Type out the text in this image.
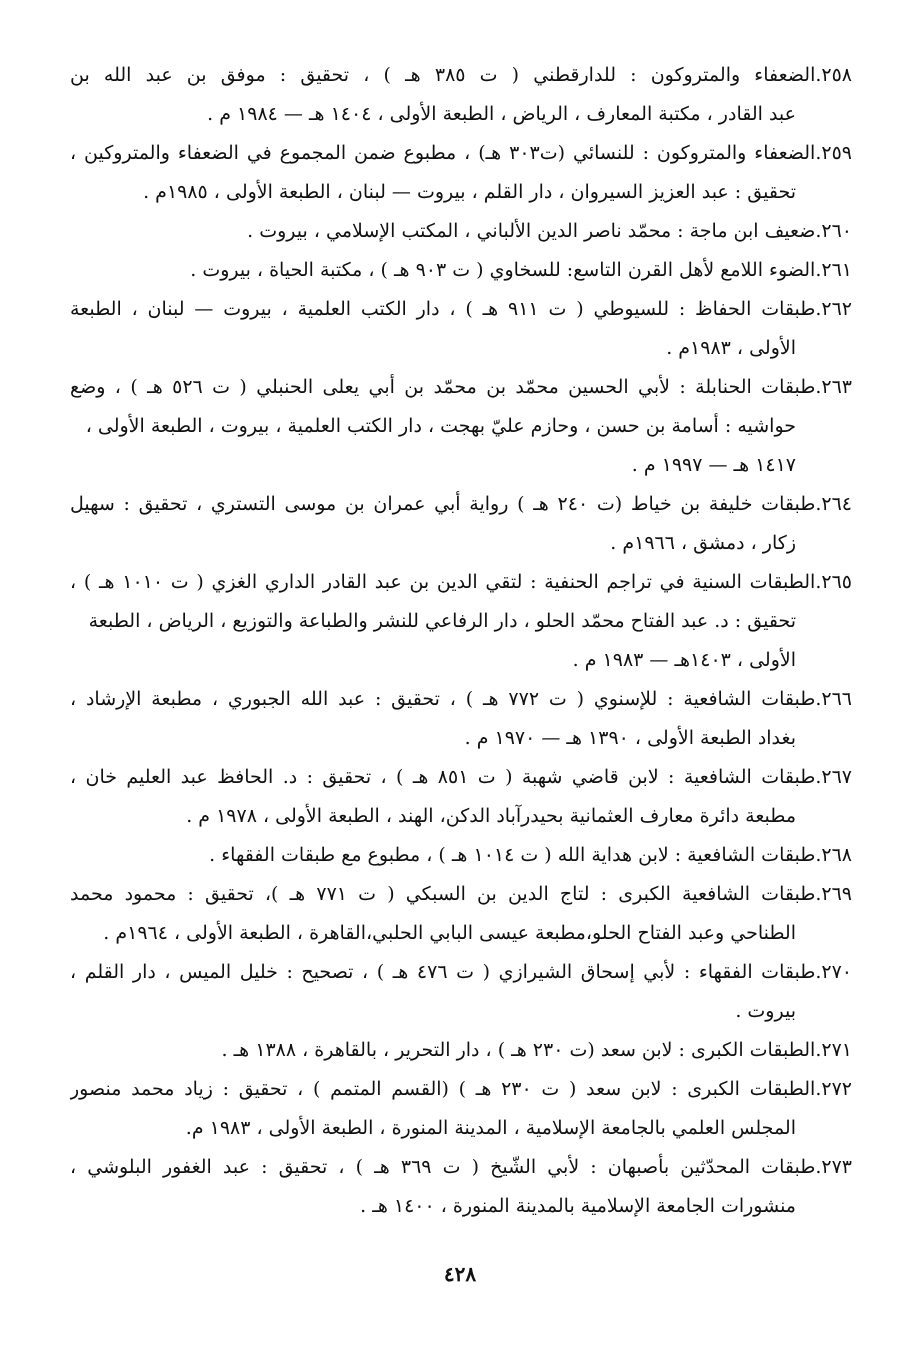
٢٥٨.الضعفاء والمتروكون : للدارقطني ( ت ٣٨٥ هـ ) ، تحقيق : موفق بن عبد الله بن
عبد القادر ، مكتبة المعارف ، الرياض ، الطبعة الأولى ، ١٤٠٤ هـ — ١٩٨٤ م .
٢٥٩.الضعفاء والمتروكون : للنسائي (ت٣٠٣ هـ) ، مطبوع ضمن المجموع في الضعفاء والمتروكين ،
تحقيق : عبد العزيز السيروان ، دار القلم ، بيروت — لبنان ، الطبعة الأولى ، ١٩٨٥م .
٢٦٠.ضعيف ابن ماجة : محمّد ناصر الدين الألباني ، المكتب الإسلامي ، بيروت .
٢٦١.الضوء اللامع لأهل القرن التاسع: للسخاوي ( ت ٩٠٣ هـ ) ، مكتبة الحياة ، بيروت .
٢٦٢.طبقات الحفاظ : للسيوطي ( ت ٩١١ هـ ) ، دار الكتب العلمية ، بيروت — لبنان ، الطبعة
الأولى ، ١٩٨٣م .
٢٦٣.طبقات الحنابلة : لأبي الحسين محمّد بن محمّد بن أبي يعلى الحنبلي ( ت ٥٢٦ هـ ) ، وضع
حواشيه : أسامة بن حسن ، وحازم عليّ بهجت ، دار الكتب العلمية ، بيروت ، الطبعة الأولى ،
١٤١٧ هـ — ١٩٩٧ م .
٢٦٤.طبقات خليفة بن خياط (ت ٢٤٠ هـ ) رواية أبي عمران بن موسى التستري ، تحقيق : سهيل
زكار ، دمشق ، ١٩٦٦م .
٢٦٥.الطبقات السنية في تراجم الحنفية : لتقي الدين بن عبد القادر الداري الغزي ( ت ١٠١٠ هـ ) ،
تحقيق : د. عبد الفتاح محمّد الحلو ، دار الرفاعي للنشر والطباعة والتوزيع ، الرياض ، الطبعة
الأولى ، ١٤٠٣هـ — ١٩٨٣ م .
٢٦٦.طبقات الشافعية : للإسنوي ( ت ٧٧٢ هـ ) ، تحقيق : عبد الله الجبوري ، مطبعة الإرشاد ،
بغداد الطبعة الأولى ، ١٣٩٠ هـ — ١٩٧٠ م .
٢٦٧.طبقات الشافعية : لابن قاضي شهبة ( ت ٨٥١ هـ ) ، تحقيق : د. الحافظ عبد العليم خان ،
مطبعة دائرة معارف العثمانية بحيدرآباد الدكن، الهند ، الطبعة الأولى ، ١٩٧٨ م .
٢٦٨.طبقات الشافعية : لابن هداية الله ( ت ١٠١٤ هـ ) ، مطبوع مع طبقات الفقهاء .
٢٦٩.طبقات الشافعية الكبرى : لتاج الدين بن السبكي ( ت ٧٧١ هـ )، تحقيق : محمود محمد
الطناحي وعبد الفتاح الحلو،مطبعة عيسى البابي الحلبي،القاهرة ، الطبعة الأولى ، ١٩٦٤م .
٢٧٠.طبقات الفقهاء : لأبي إسحاق الشيرازي ( ت ٤٧٦ هـ ) ، تصحيح : خليل الميس ، دار القلم ،
بيروت .
٢٧١.الطبقات الكبرى : لابن سعد (ت ٢٣٠ هـ ) ، دار التحرير ، بالقاهرة ، ١٣٨٨ هـ .
٢٧٢.الطبقات الكبرى : لابن سعد ( ت ٢٣٠ هـ ) (القسم المتمم ) ، تحقيق : زياد محمد منصور
المجلس العلمي بالجامعة الإسلامية ، المدينة المنورة ، الطبعة الأولى ، ١٩٨٣ م.
٢٧٣.طبقات المحدّثين بأصبهان : لأبي الشّيخ ( ت ٣٦٩ هـ ) ، تحقيق : عبد الغفور البلوشي ،
منشورات الجامعة الإسلامية بالمدينة المنورة ، ١٤٠٠ هـ .
٤٢٨
